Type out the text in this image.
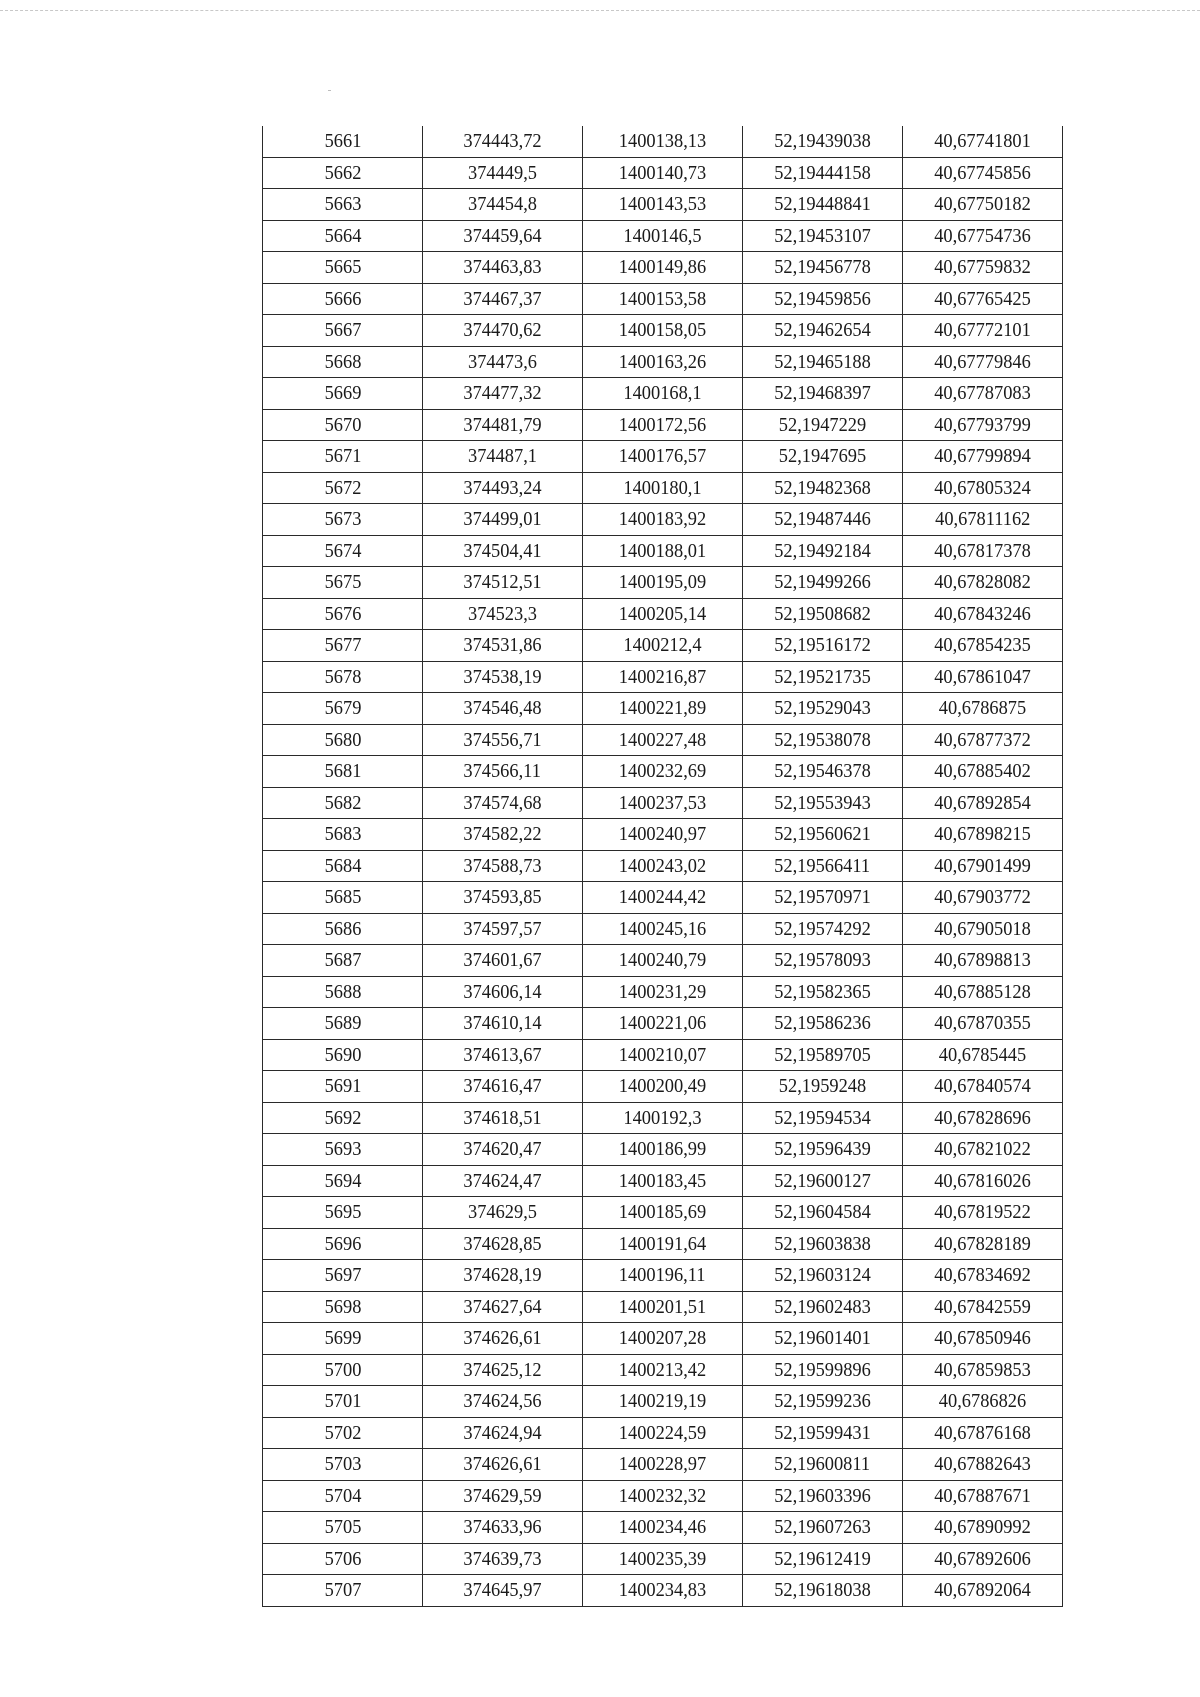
5661	374443,72	1400138,13	52,19439038	40,67741801
5662	374449,5	1400140,73	52,19444158	40,67745856
5663	374454,8	1400143,53	52,19448841	40,67750182
5664	374459,64	1400146,5	52,19453107	40,67754736
5665	374463,83	1400149,86	52,19456778	40,67759832
5666	374467,37	1400153,58	52,19459856	40,67765425
5667	374470,62	1400158,05	52,19462654	40,67772101
5668	374473,6	1400163,26	52,19465188	40,67779846
5669	374477,32	1400168,1	52,19468397	40,67787083
5670	374481,79	1400172,56	52,1947229	40,67793799
5671	374487,1	1400176,57	52,1947695	40,67799894
5672	374493,24	1400180,1	52,19482368	40,67805324
5673	374499,01	1400183,92	52,19487446	40,67811162
5674	374504,41	1400188,01	52,19492184	40,67817378
5675	374512,51	1400195,09	52,19499266	40,67828082
5676	374523,3	1400205,14	52,19508682	40,67843246
5677	374531,86	1400212,4	52,19516172	40,67854235
5678	374538,19	1400216,87	52,19521735	40,67861047
5679	374546,48	1400221,89	52,19529043	40,6786875
5680	374556,71	1400227,48	52,19538078	40,67877372
5681	374566,11	1400232,69	52,19546378	40,67885402
5682	374574,68	1400237,53	52,19553943	40,67892854
5683	374582,22	1400240,97	52,19560621	40,67898215
5684	374588,73	1400243,02	52,19566411	40,67901499
5685	374593,85	1400244,42	52,19570971	40,67903772
5686	374597,57	1400245,16	52,19574292	40,67905018
5687	374601,67	1400240,79	52,19578093	40,67898813
5688	374606,14	1400231,29	52,19582365	40,67885128
5689	374610,14	1400221,06	52,19586236	40,67870355
5690	374613,67	1400210,07	52,19589705	40,6785445
5691	374616,47	1400200,49	52,1959248	40,67840574
5692	374618,51	1400192,3	52,19594534	40,67828696
5693	374620,47	1400186,99	52,19596439	40,67821022
5694	374624,47	1400183,45	52,19600127	40,67816026
5695	374629,5	1400185,69	52,19604584	40,67819522
5696	374628,85	1400191,64	52,19603838	40,67828189
5697	374628,19	1400196,11	52,19603124	40,67834692
5698	374627,64	1400201,51	52,19602483	40,67842559
5699	374626,61	1400207,28	52,19601401	40,67850946
5700	374625,12	1400213,42	52,19599896	40,67859853
5701	374624,56	1400219,19	52,19599236	40,6786826
5702	374624,94	1400224,59	52,19599431	40,67876168
5703	374626,61	1400228,97	52,19600811	40,67882643
5704	374629,59	1400232,32	52,19603396	40,67887671
5705	374633,96	1400234,46	52,19607263	40,67890992
5706	374639,73	1400235,39	52,19612419	40,67892606
5707	374645,97	1400234,83	52,19618038	40,67892064
